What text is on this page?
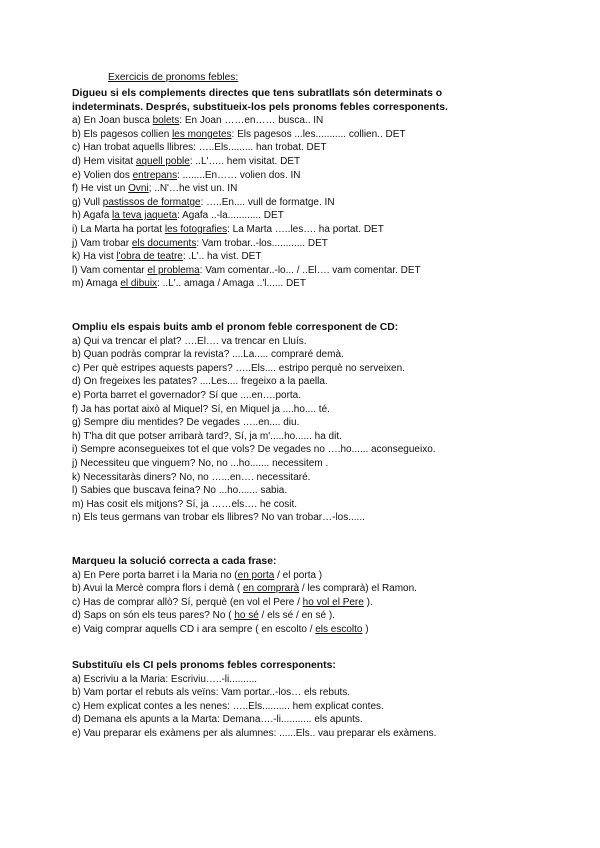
Exercicis de pronoms febles:

Digueu si els complements directes que tens subratllats són determinats o

indeterminats. Després, substitueix-los pels pronoms febles corresponents.

a) En Joan busca bolets: En Joan ……en…… busca.. IN

b) Els pagesos collien les mongetes: Els pagesos ...les........... collien.. DET

c) Han trobat aquells llibres: …..Els......... han trobat. DET

d) Hem visitat aquell poble: ..L'….. hem visitat. DET

e) Volien dos entrepans: ........En…… volien dos. IN

f) He vist un Ovni; ..N'…he vist un. IN

g) Vull pastissos de formatge: …..En.... vull de formatge. IN

h) Agafa la teva jaqueta: Agafa ..-la............ DET

i) La Marta ha portat les fotografies: La Marta …..les…. ha portat. DET

j) Vam trobar els documents: Vam trobar..-los............ DET

k) Ha vist l'obra de teatre: .L'.. ha vist. DET

l) Vam comentar el problema: Vam comentar..-lo... / ..El…. vam comentar. DET

m) Amaga el dibuix: ..L'.. amaga / Amaga ..'l...... DET

Ompliu els espais buits amb el pronom feble corresponent de CD:

a) Qui va trencar el plat? ….El…. va trencar en Lluís.

b) Quan podràs comprar la revista? ....La..... compraré demà.

c) Per què estripes aquests papers? …..Els.... estripo perquè no serveixen.

d) On fregeixes les patates? ....Les.... fregeixo a la paella.

e) Porta barret el governador? Sí que ....en….porta.

f) Ja has portat això al Miquel? Sí, en Miquel ja ....ho.... té.

g) Sempre diu mentides? De vegades …..en.... diu.

h) T'ha dit que potser arribarà tard?, Sí, ja m'.....ho...... ha dit.

i) Sempre aconsegueixes tot el que vols? De vegades no ….ho...... aconsegueixo.

j) Necessiteu que vinguem? No, no ...ho....... necessitem .

k) Necessitaràs diners? No, no …...en…. necessitaré.

l) Sabies que buscava feina? No ...ho....... sabia.

m) Has cosit els mitjons? Sí, ja ……els…. he cosit.

n) Els teus germans van trobar els llibres? No van trobar…-los......

Marqueu la solució correcta a cada frase:

a) En Pere porta barret i la Maria no (en porta / el porta )

b) Avui la Mercè compra flors i demà ( en comprarà / les comprarà) el Ramon.

c) Has de comprar allò? Sí, perquè (en vol el Pere / ho vol el Pere ).

d) Saps on són els teus pares? No ( ho sé / els sé / en sé ).

e) Vaig comprar aquells CD i ara sempre ( en escolto / els escolto )

Substituïu els CI pels pronoms febles corresponents:

a) Escriviu a la Maria: Escriviu…..-li..........

b) Vam portar el rebuts als veïns: Vam portar..-los… els rebuts.

c) Hem explicat contes a les nenes: …..Els.......... hem explicat contes.

d) Demana els apunts a la Marta: Demana….-li........... els apunts.

e) Vau preparar els exàmens per als alumnes: ......Els.. vau preparar els exàmens.
